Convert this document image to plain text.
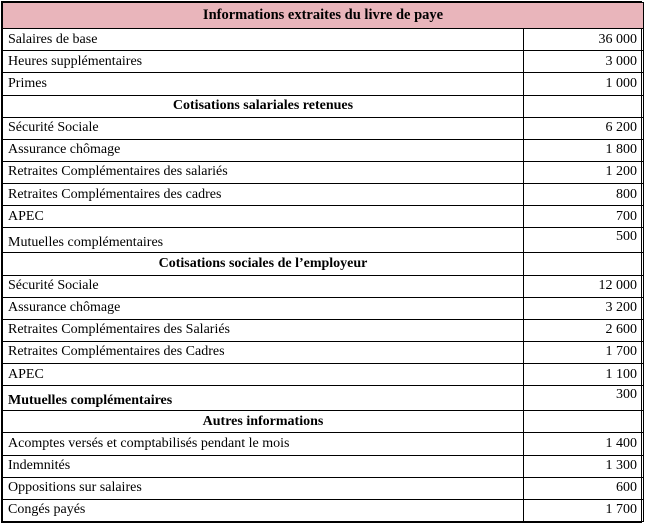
Informations extraites du livre de paye	
Salaires de base	36 000
Heures supplémentaires	3 000
Primes	1 000
Cotisations salariales retenues	
Sécurité Sociale	6 200
Assurance chômage	1 800
Retraites Complémentaires des salariés	1 200
Retraites Complémentaires des cadres	800
APEC	700
Mutuelles complémentaires	500
Cotisations sociales de l’employeur	
Sécurité Sociale	12 000
Assurance chômage	3 200
Retraites Complémentaires des Salariés	2 600
Retraites Complémentaires des Cadres	1 700
APEC	1 100
Mutuelles complémentaires	300
Autres informations	
Acomptes versés et comptabilisés pendant le mois	1 400
Indemnités	1 300
Oppositions sur salaires	600
Congés payés	1 700
